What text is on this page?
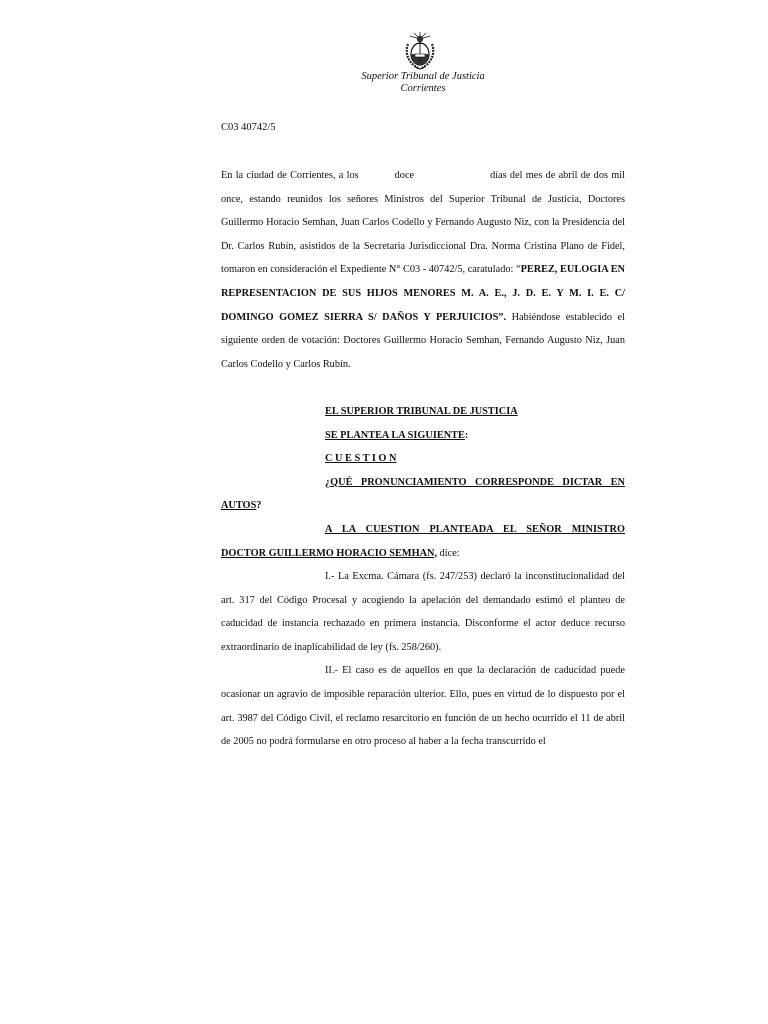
Superior Tribunal de Justicia
Corrientes
C03 40742/5

En la ciudad de Corrientes, a los	doce	días del mes de abril de dos mil once, estando reunidos los señores Ministros del Superior Tribunal de Justicia, Doctores Guillermo Horacio Semhan, Juan Carlos Codello y Fernando Augusto Niz, con la Presidencia del Dr. Carlos Rubín, asistidos de la Secretaria Jurisdiccional Dra. Norma Cristina Plano de Fidel, tomaron en consideración el Expediente N° C03 - 40742/5, caratulado: “PEREZ, EULOGIA EN REPRESENTACION DE SUS HIJOS MENORES M. A. E., J. D. E. Y M. I. E. C/ DOMINGO GOMEZ SIERRA S/ DAÑOS Y PERJUICIOS”. Habiéndose establecido el siguiente orden de votación: Doctores Guillermo Horacio Semhan, Fernando Augusto Niz, Juan Carlos Codello y Carlos Rubín.

EL SUPERIOR TRIBUNAL DE JUSTICIA

SE PLANTEA LA SIGUIENTE:

C U E S T I O N

¿QUÉ PRONUNCIAMIENTO CORRESPONDE DICTAR EN AUTOS?

A LA CUESTION PLANTEADA EL SEÑOR MINISTRO DOCTOR GUILLERMO HORACIO SEMHAN, dice:

I.- La Excma. Cámara (fs. 247/253) declaró la inconstitucionalidad del art. 317 del Código Procesal y acogiendo la apelación del demandado estimó el planteo de caducidad de instancia rechazado en primera instancia. Disconforme el actor deduce recurso extraordinario de inaplicabilidad de ley (fs. 258/260).

II.- El caso es de aquellos en que la declaración de caducidad puede ocasionar un agravio de imposible reparación ulterior. Ello, pues en virtud de lo dispuesto por el art. 3987 del Código Civil, el reclamo resarcitorio en función de un hecho ocurrido el 11 de abril de 2005 no podrá formularse en otro proceso al haber a la fecha transcurrido el
